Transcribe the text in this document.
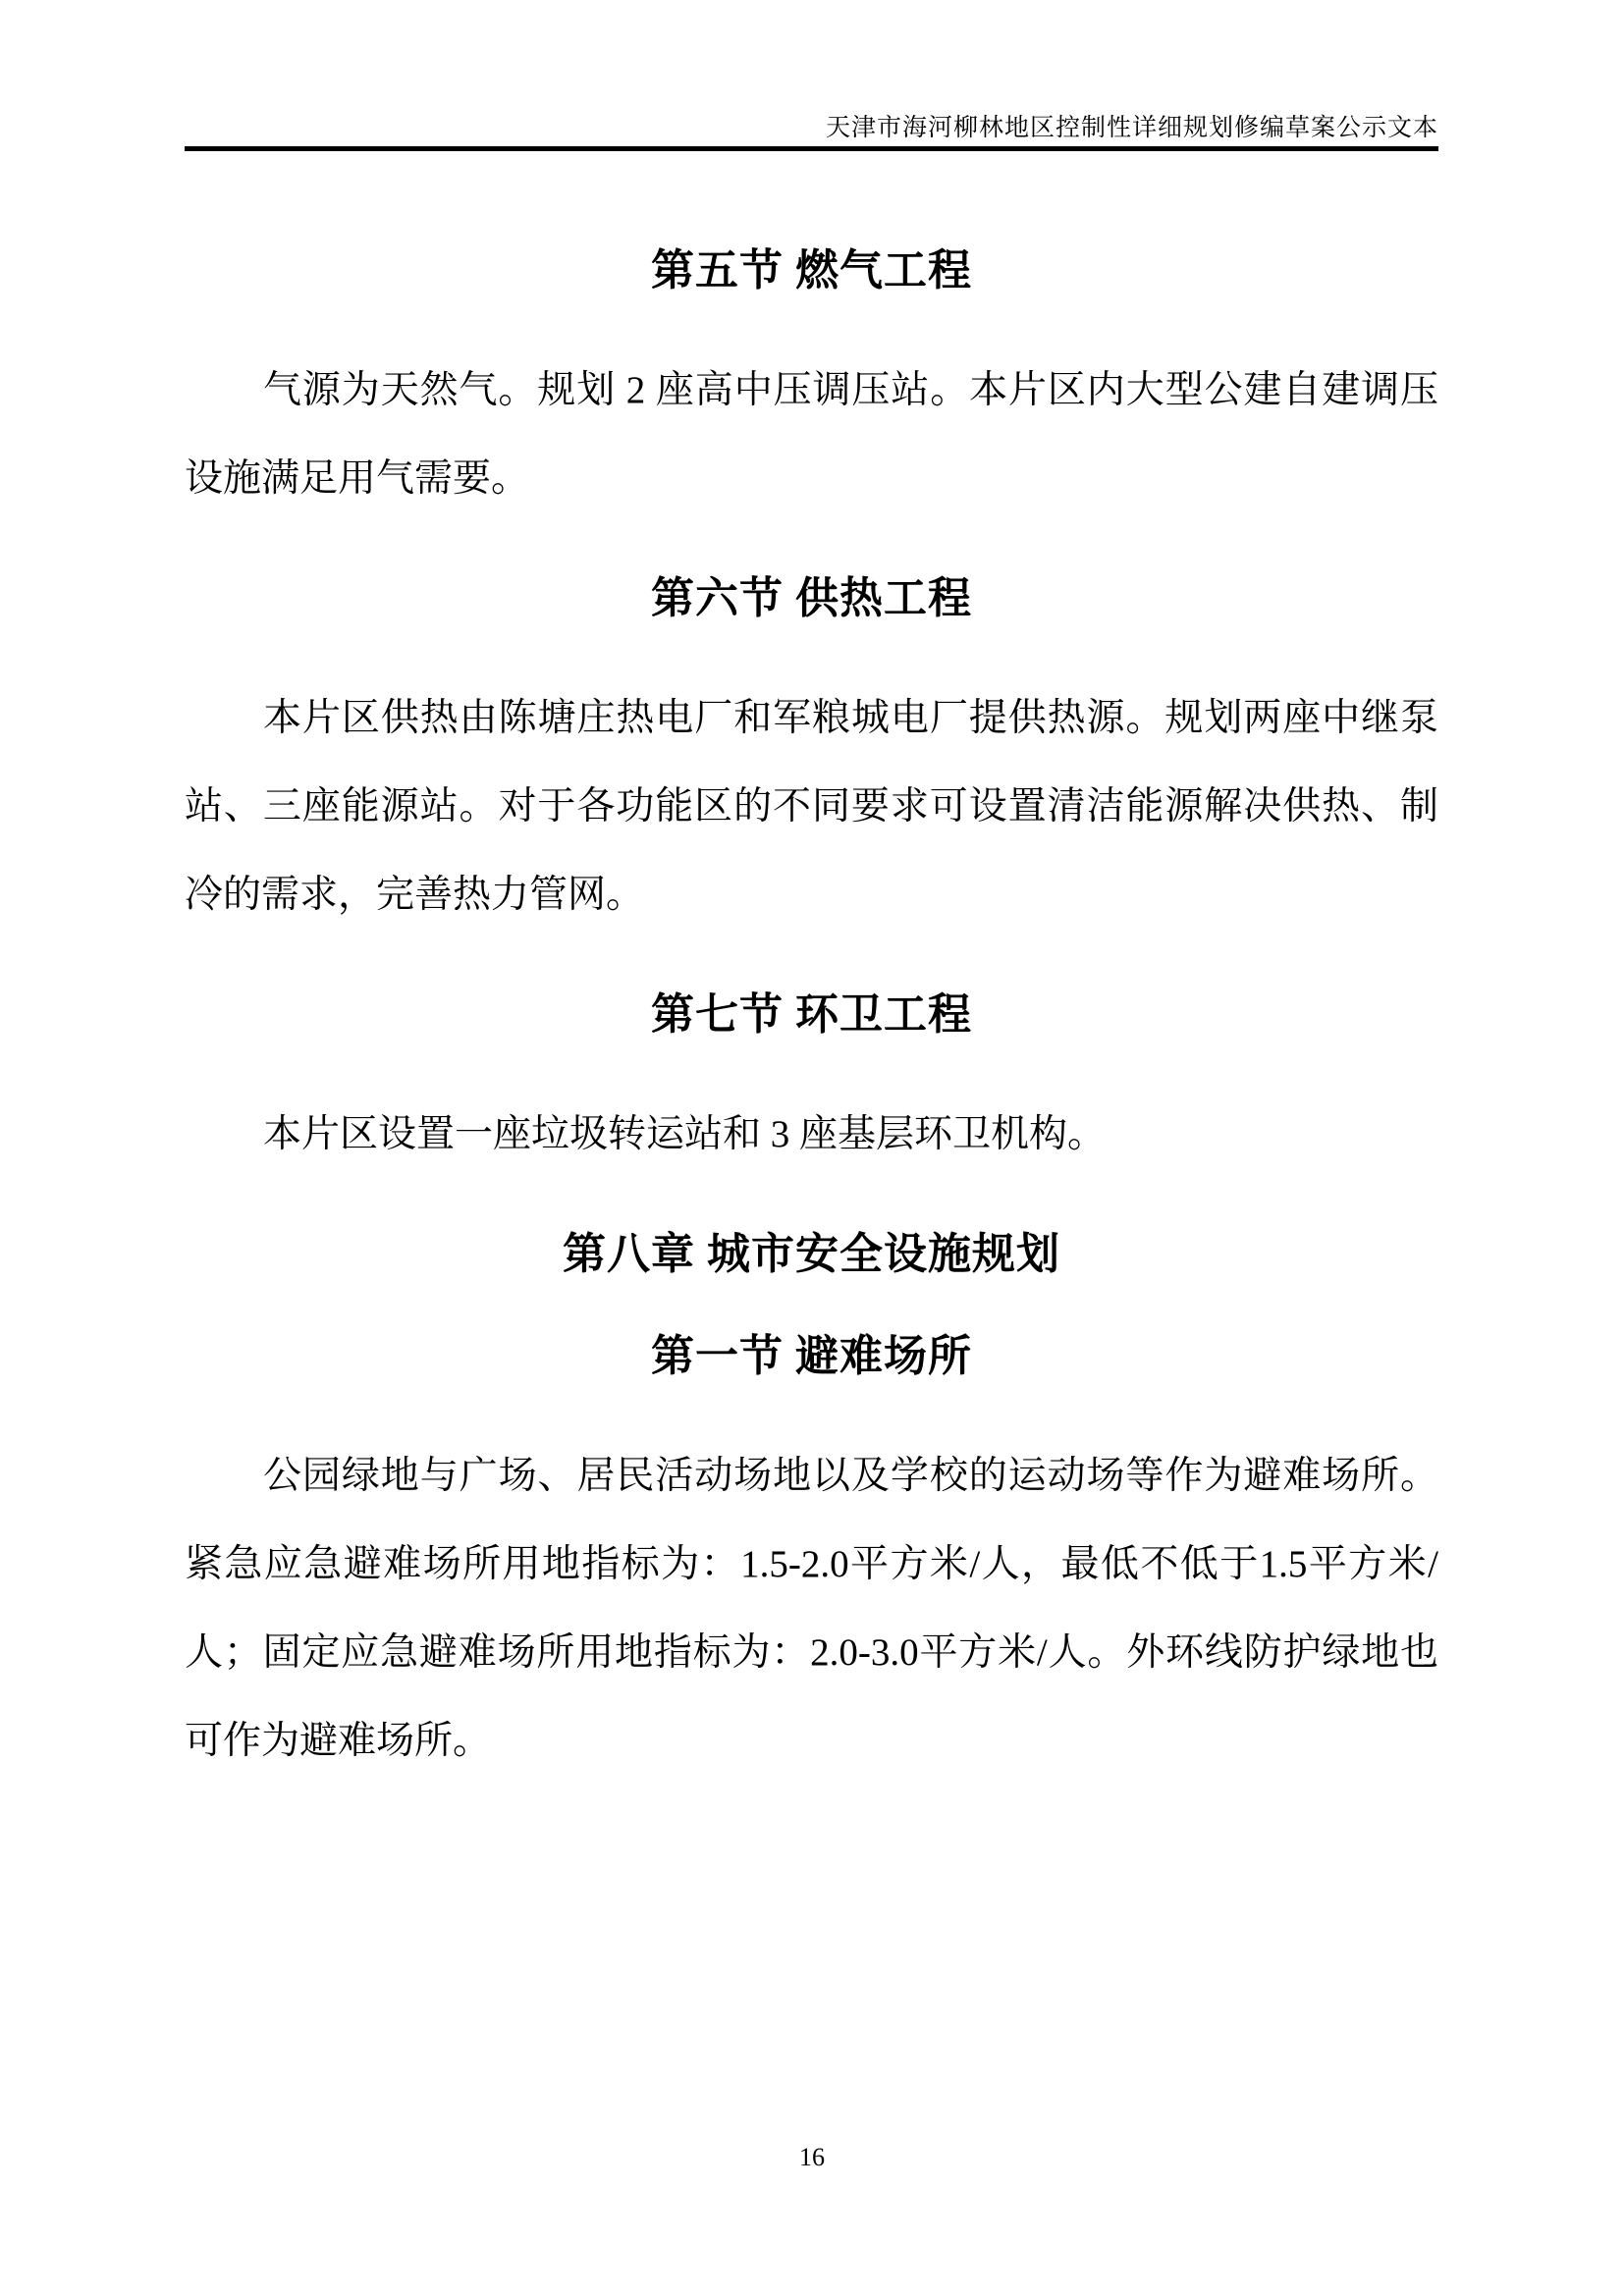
天津市海河柳林地区控制性详细规划修编草案公示文本
第五节 燃气工程

气源为天然气。规划 2 座高中压调压站。本片区内大型公建自建调压设施满足用气需要。

第六节 供热工程

本片区供热由陈塘庄热电厂和军粮城电厂提供热源。规划两座中继泵站、三座能源站。对于各功能区的不同要求可设置清洁能源解决供热、制冷的需求，完善热力管网。

第七节 环卫工程

本片区设置一座垃圾转运站和 3 座基层环卫机构。

第八章 城市安全设施规划
第一节 避难场所

公园绿地与广场、居民活动场地以及学校的运动场等作为避难场所。紧急应急避难场所用地指标为：1.5-2.0平方米/人，最低不低于1.5平方米/人；固定应急避难场所用地指标为：2.0-3.0平方米/人。外环线防护绿地也可作为避难场所。

16
